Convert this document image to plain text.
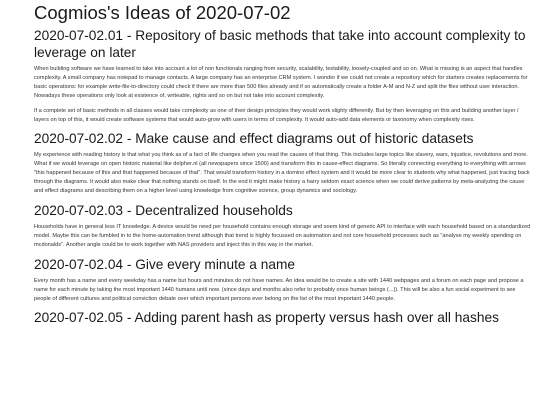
Cogmios's Ideas of 2020-07-02
2020-07-02.01 - Repository of basic methods that take into account complexity to leverage on later

When building software we have learned to take into account a lot of non functionals ranging from security, scalability, testability, loosely-coupled and so on. What is missing is an aspect that handles complexity. A small company has notepad to manage contacts. A large company has an enterprise CRM system. I wonder if we could not create a repository which for starters creates replacements for basic operations: for example write-file-to-directory could check if there are more than 500 files already and if so automatically create a folder A-M and N-Z and split the files without user interaction. Nowadays these operations only look at existence of, writeable, rights and so on but not take into account complexity.

If a complete set of basic methods in all classes would take complexity as one of their design principles they would work slighly differently. But by then leveraging on this and building another layer / layers on top of this, it would create software systems that would auto-grow with users in terms of complexity. It would auto-add data elements or taxonomy when complexity rises.

2020-07-02.02 - Make cause and effect diagrams out of historic datasets

My experience with reading history is that what you think as of a fact of life changes when you read the causes of that thing. This includes large topics like slavery, wars, injustice, revolutions and more. What if we would leverage on open historic material like delpher.nl (all newspapers since 1500) and transform this in cause-effect diagrams. So literally connecting everything to everything with arrows "this happened because of this and that happened because of that". That would transform history in a domino effect system and it would be more clear to students why what happened, just tracing back through the diagrams. It would also make clear that nothing stands on itself. In the end it might make history a harry seldom exact science when we could derive patterns by meta-analyzing the cause and effect diagrams and describing them on a higher level using knowledge from cognitive science, group dynamics and sociology.

2020-07-02.03 - Decentralized households

Households have in general less IT knowledge. A device would be need per household contains enough storage and soem kind of generic API to interface with each household based on a standardized model. Maybe this can be fumbled in to the home-automation trend although that trend is highly focussed on automation and not core household processes such as "analyse my weekly spending on mcdonalds". Another angle could be to work together with NAS providers and inject this in this way in the market.

2020-07-02.04 - Give every minute a name

Every month has a name and every weekday has a name but hours and minutes do not have names. An idea would be to create a site with 1440 webpages and a forum on each page and propose a name for each minute by taking the most important 1440 humans until now. (since days and months also refer to probably once human beings (...)). This will be also a fun social experiment to see people of different cultures and political conviction debate over which important persons ever belong on the list of the most important 1440 people.

2020-07-02.05 - Adding parent hash as property versus hash over all hashes
